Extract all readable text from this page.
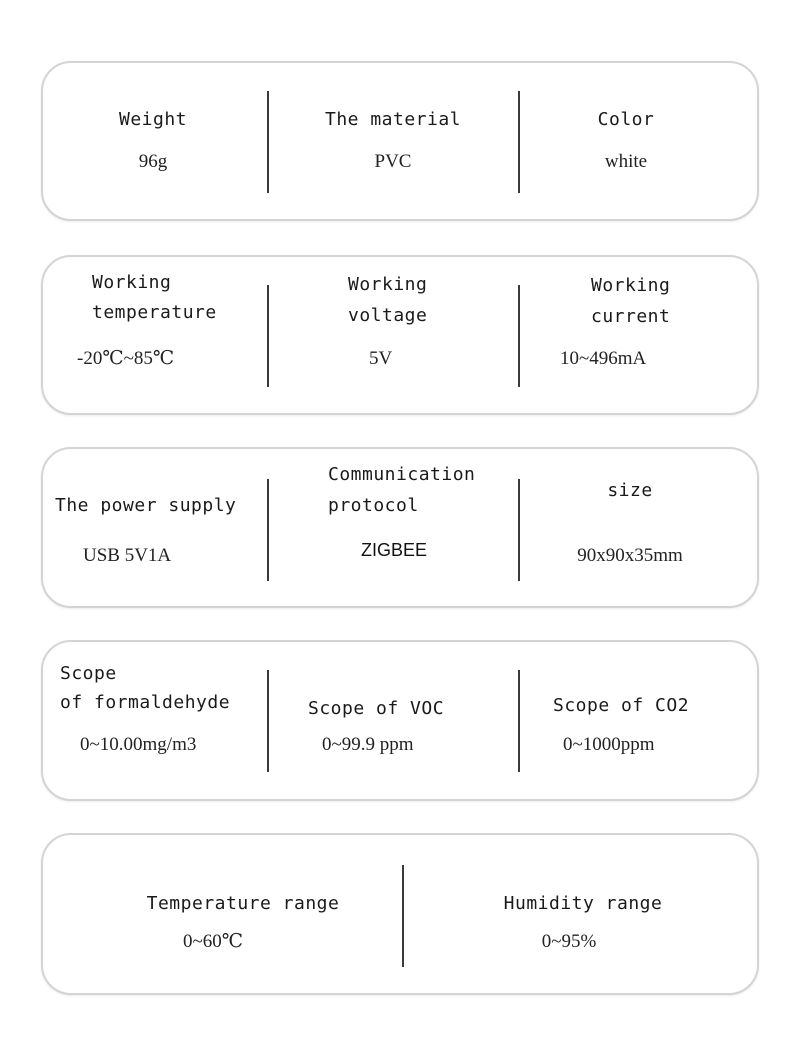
Weight
96g
The material
PVC
Color
white
Working
temperature
-20℃~85℃
Working
voltage
5V
Working
current
10~496mA
The power supply
USB 5V1A
Communication
protocol
ZIGBEE
size
90x90x35mm
Scope
of formaldehyde
0~10.00mg/m3
Scope of VOC
0~99.9 ppm
Scope of CO2
0~1000ppm
Temperature range
0~60℃
Humidity range
0~95%
